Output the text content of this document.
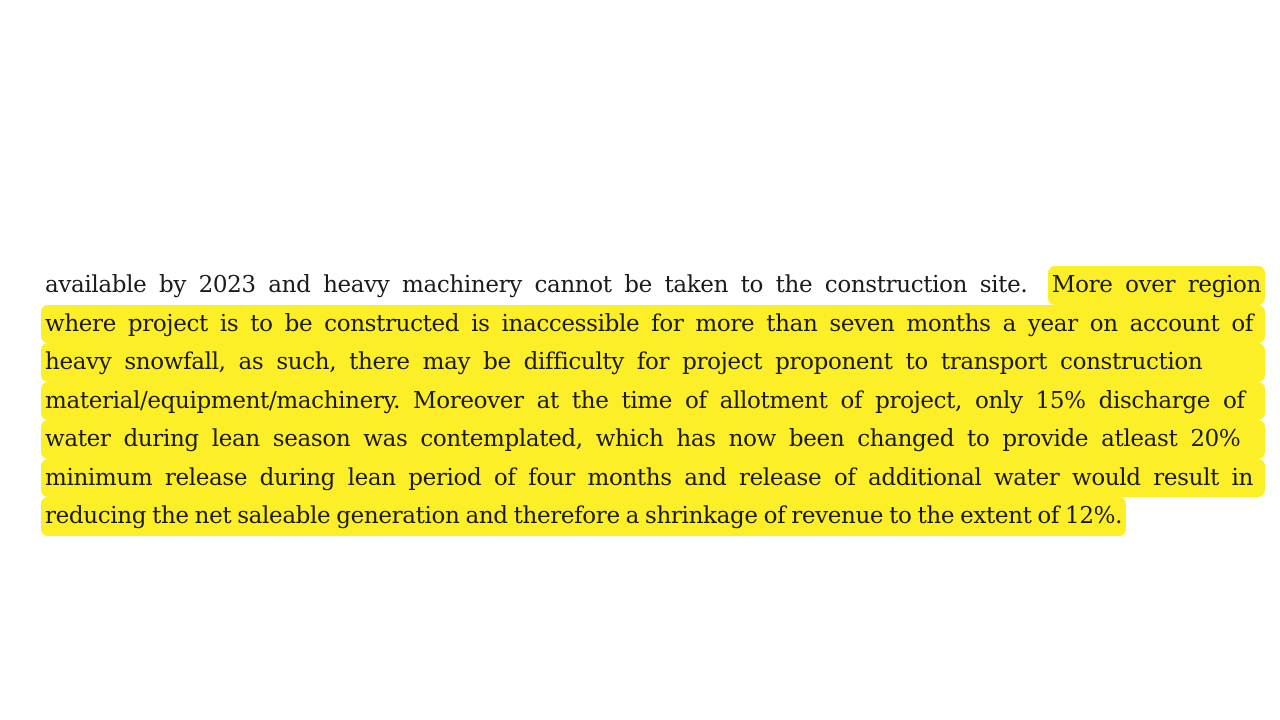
available by 2023 and heavy machinery cannot be taken to the construction site. More over region
where project is to be constructed is inaccessible for more than seven months a year on account of
heavy snowfall, as such, there may be difficulty for project proponent to transport construction
material/equipment/machinery. Moreover at the time of allotment of project, only 15% discharge of
water during lean season was contemplated, which has now been changed to provide atleast 20%
minimum release during lean period of four months and release of additional water would result in
reducing the net saleable generation and therefore a shrinkage of revenue to the extent of 12%.
